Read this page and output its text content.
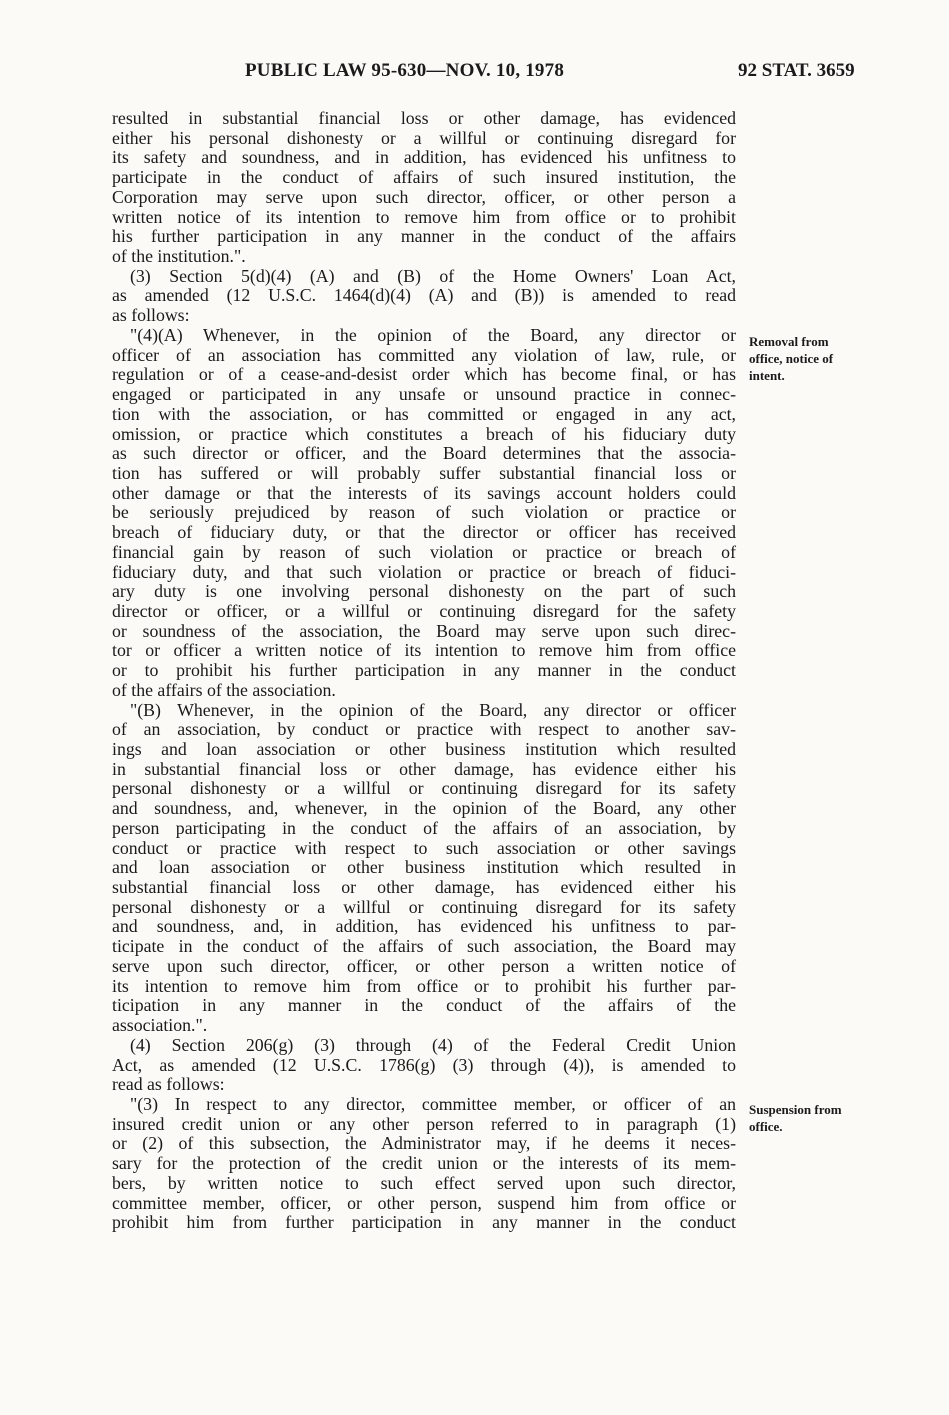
PUBLIC LAW 95-630—NOV. 10, 1978	92 STAT. 3659
resulted in substantial financial loss or other damage, has evidenced
either his personal dishonesty or a willful or continuing disregard for
its safety and soundness, and in addition, has evidenced his unfitness to
participate in the conduct of affairs of such insured institution, the
Corporation may serve upon such director, officer, or other person a
written notice of its intention to remove him from office or to prohibit
his further participation in any manner in the conduct of the affairs
of the institution.".
(3) Section 5(d)(4) (A) and (B) of the Home Owners' Loan Act,
as amended (12 U.S.C. 1464(d)(4) (A) and (B)) is amended to read
as follows:
"(4)(A) Whenever, in the opinion of the Board, any director or
officer of an association has committed any violation of law, rule, or
regulation or of a cease-and-desist order which has become final, or has
engaged or participated in any unsafe or unsound practice in connec-
tion with the association, or has committed or engaged in any act,
omission, or practice which constitutes a breach of his fiduciary duty
as such director or officer, and the Board determines that the associa-
tion has suffered or will probably suffer substantial financial loss or
other damage or that the interests of its savings account holders could
be seriously prejudiced by reason of such violation or practice or
breach of fiduciary duty, or that the director or officer has received
financial gain by reason of such violation or practice or breach of
fiduciary duty, and that such violation or practice or breach of fiduci-
ary duty is one involving personal dishonesty on the part of such
director or officer, or a willful or continuing disregard for the safety
or soundness of the association, the Board may serve upon such direc-
tor or officer a written notice of its intention to remove him from office
or to prohibit his further participation in any manner in the conduct
of the affairs of the association.
"(B) Whenever, in the opinion of the Board, any director or officer
of an association, by conduct or practice with respect to another sav-
ings and loan association or other business institution which resulted
in substantial financial loss or other damage, has evidence either his
personal dishonesty or a willful or continuing disregard for its safety
and soundness, and, whenever, in the opinion of the Board, any other
person participating in the conduct of the affairs of an association, by
conduct or practice with respect to such association or other savings
and loan association or other business institution which resulted in
substantial financial loss or other damage, has evidenced either his
personal dishonesty or a willful or continuing disregard for its safety
and soundness, and, in addition, has evidenced his unfitness to par-
ticipate in the conduct of the affairs of such association, the Board may
serve upon such director, officer, or other person a written notice of
its intention to remove him from office or to prohibit his further par-
ticipation in any manner in the conduct of the affairs of the
association.".
(4) Section 206(g) (3) through (4) of the Federal Credit Union
Act, as amended (12 U.S.C. 1786(g) (3) through (4)), is amended to
read as follows:
"(3) In respect to any director, committee member, or officer of an
insured credit union or any other person referred to in paragraph (1)
or (2) of this subsection, the Administrator may, if he deems it neces-
sary for the protection of the credit union or the interests of its mem-
bers, by written notice to such effect served upon such director,
committee member, officer, or other person, suspend him from office or
prohibit him from further participation in any manner in the conduct
Removal from
office, notice of
intent.
Suspension from
office.
